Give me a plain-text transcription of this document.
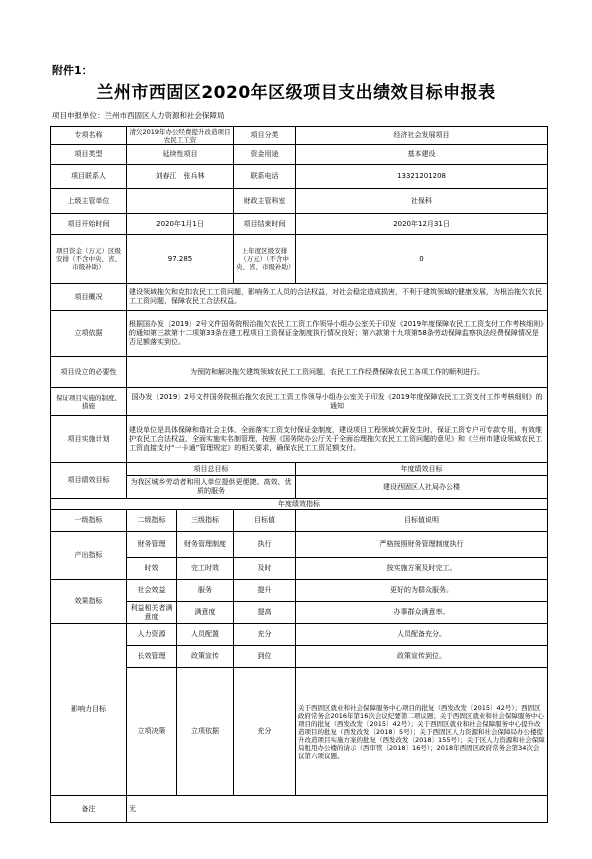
附件1：
兰州市西固区2020年区级项目支出绩效目标申报表
项目申报单位：兰州市西固区人力资源和社会保障局
专项名称	清欠2019年办公经费提升改造项目农民工工资		项目分类	经济社会发展项目
项目类型	延续性项目		资金用途	基本建设
项目联系人	刘春江　张兵林		联系电话	13321201208
上级主管单位			财政主管科室	社保科
项目开始时间	2020年1月1日		项目结束时间	2020年12月31日
项目资金（万元）区级安排（不含中央、省、市级补助）	97.285		上年度区级安排（万元）（不含中央、省、市级补助）	0
项目概况	建设领域拖欠和克扣农民工工资问题，影响务工人员的合法权益，对社会稳定造成损害，不利于建筑领域的健康发展，为根治拖欠农民工工资问题，保障农民工合法权益。			
立项依据	根据国办发〔2019〕2号文件国务院根治拖欠农民工工资工作领导小组办公室关于印发《2019年度保障农民工工资支付工作考核细则》的通知第三款第十二项第33条在建工程项目工资保证金制度执行情况良好；第六款第十九项第58条劳动保障监察执法经费保障情况是否足额落实到位。			
项目设立的必要性	为预防和解决拖欠建筑领域农民工工资问题，农民工工作经费保障农民工各项工作的顺利进行。			
保证项目实施的制度、措施	国办发〔2019〕2号文件国务院根治拖欠农民工工资工作领导小组办公室关于印发《2019年度保障农民工工资支付工作考核细则》的通知			
项目实施计划	建设单位是具体保障和谐社会主体，全面落实工资支付保证金制度，建设项目工程领域欠薪发生时，保证工资专户可专款专用，有效维护农民工合法权益，全面实施实名制管理，按照《国务院办公厅关于全面治理拖欠农民工工资问题的意见》和《兰州市建设领域农民工工资直接支付“一卡通”管理规定》的相关要求，确保农民工工资足额支付。			
项目绩效目标	项目总目标			年度绩效目标
	为我区城乡劳动者和用人单位提供更便捷、高效、优质的服务			建设西固区人社局办公楼
年度绩效指标				
一级指标	二级指标	三级指标	目标值	目标值说明
产出指标	财务管理	财务管理制度	执行	严格按照财务管理制度执行
	时效	完工时效	及时	按实施方案及时完工。
效果指标	社会效益	服务	提升	更好的为群众服务。
	利益相关者满意度	满意度	提高	办事群众满意率。
影响力目标	人力资源	人员配置	充分	人员配备充分。
	长效管理	政策宣传	到位	政策宣传到位。
	立项决策	立项依据	充分	关于西固区就业和社会保障服务中心项目的批复（西发改发〔2015〕42号）；西固区政府常务会2016年第16次会议纪要第二项议题；关于西固区就业和社会保障服务中心项目的批复（西发改发〔2015〕42号）；关于西固区就业和社会保障服务中心提升改造项目的批复（西发改发〔2018〕5号）；关于西固区人力资源和社会保障局办公楼提升改造项目实施方案的批复（西发改发〔2018〕155号）；关于区人力资源和社会保障局租用办公楼的请示（西审管〔2018〕16号）；2018年西固区政府常务会第34次会议第六项议题。
备注	无			
